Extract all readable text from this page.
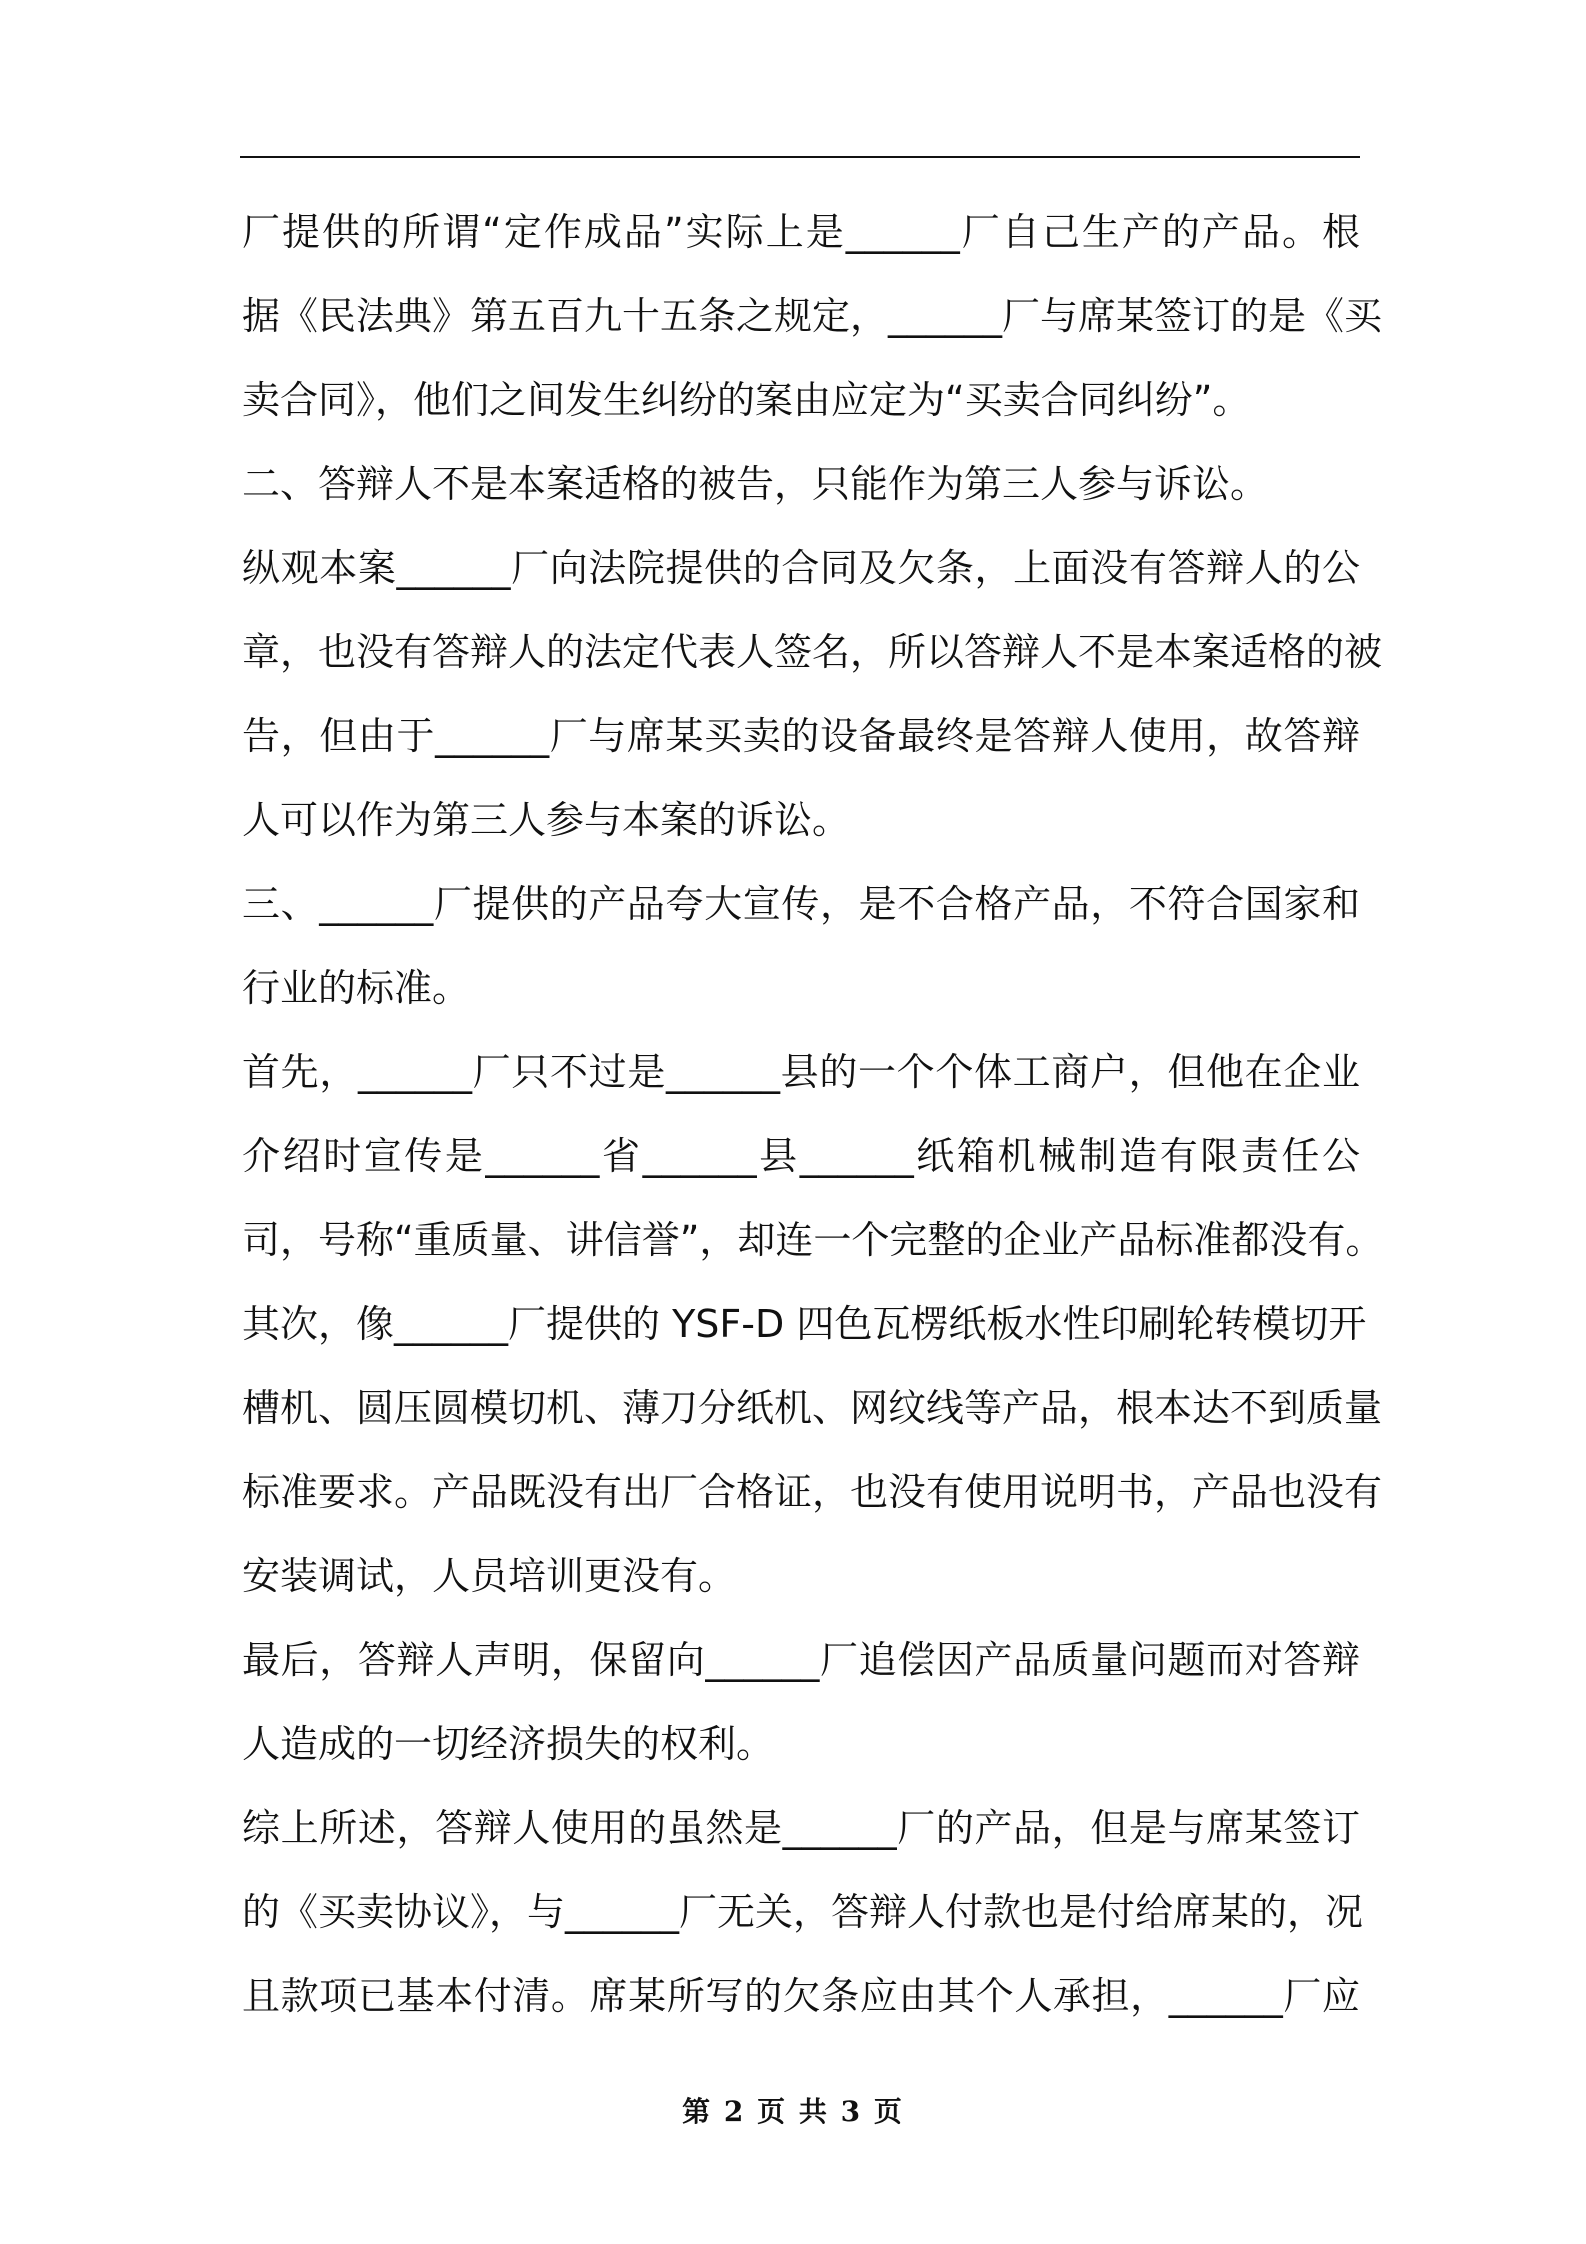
厂提供的所谓“定作成品”实际上是______厂自己生产的产品。根
据《民法典》第五百九十五条之规定，______厂与席某签订的是《买
卖合同》，他们之间发生纠纷的案由应定为“买卖合同纠纷”。
二、答辩人不是本案适格的被告，只能作为第三人参与诉讼。
纵观本案______厂向法院提供的合同及欠条，上面没有答辩人的公
章，也没有答辩人的法定代表人签名，所以答辩人不是本案适格的被
告，但由于______厂与席某买卖的设备最终是答辩人使用，故答辩
人可以作为第三人参与本案的诉讼。
三、______厂提供的产品夸大宣传，是不合格产品，不符合国家和
行业的标准。
首先，______厂只不过是______县的一个个体工商户，但他在企业
介绍时宣传是______省______县______纸箱机械制造有限责任公
司，号称“重质量、讲信誉”，却连一个完整的企业产品标准都没有。
其次，像______厂提供的 YSF-D 四色瓦楞纸板水性印刷轮转模切开
槽机、圆压圆模切机、薄刀分纸机、网纹线等产品，根本达不到质量
标准要求。产品既没有出厂合格证，也没有使用说明书，产品也没有
安装调试，人员培训更没有。
最后，答辩人声明，保留向______厂追偿因产品质量问题而对答辩
人造成的一切经济损失的权利。
综上所述，答辩人使用的虽然是______厂的产品，但是与席某签订
的《买卖协议》，与______厂无关，答辩人付款也是付给席某的，况
且款项已基本付清。席某所写的欠条应由其个人承担，______厂应
第 2 页 共 3 页
